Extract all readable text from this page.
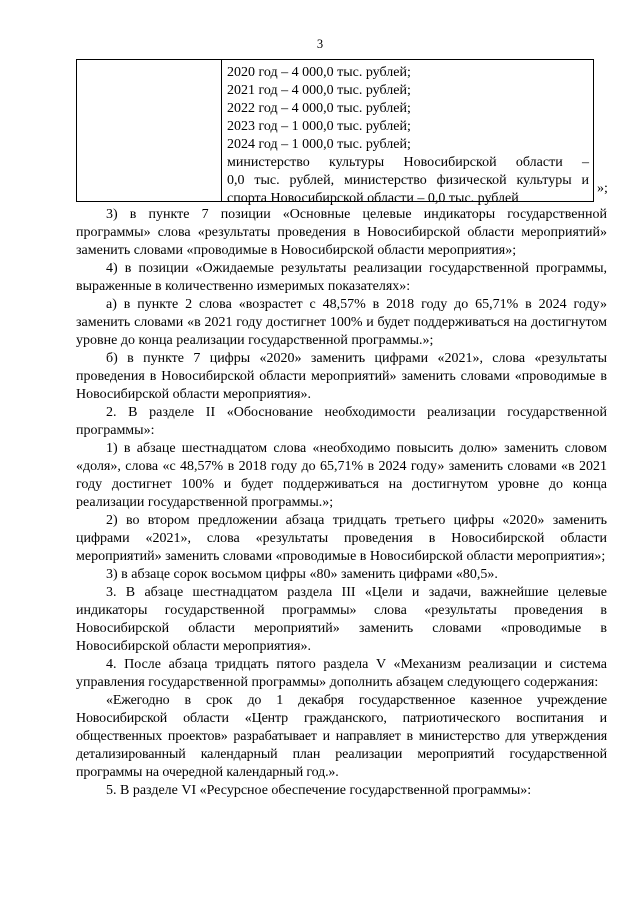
3
2020 год – 4 000,0 тыс. рублей;
2021 год – 4 000,0 тыс. рублей;
2022 год – 4 000,0 тыс. рублей;
2023 год – 1 000,0 тыс. рублей;
2024 год – 1 000,0 тыс. рублей;
министерство культуры Новосибирской области –
0,0 тыс. рублей, министерство физической культуры и
спорта Новосибирской области – 0,0 тыс. рублей
»;

3) в пункте 7 позиции «Основные целевые индикаторы государственной программы» слова «результаты проведения в Новосибирской области мероприятий» заменить словами «проводимые в Новосибирской области мероприятия»;

4) в позиции «Ожидаемые результаты реализации государственной программы, выраженные в количественно измеримых показателях»:

а) в пункте 2 слова «возрастет с 48,57% в 2018 году до 65,71% в 2024 году» заменить словами «в 2021 году достигнет 100% и будет поддерживаться на достигнутом уровне до конца реализации государственной программы.»;

б) в пункте 7 цифры «2020» заменить цифрами «2021», слова «результаты проведения в Новосибирской области мероприятий» заменить словами «проводимые в Новосибирской области мероприятия».

2. В разделе II «Обоснование необходимости реализации государственной программы»:

1) в абзаце шестнадцатом слова «необходимо повысить долю» заменить словом «доля», слова «с 48,57% в 2018 году до 65,71% в 2024 году» заменить словами «в 2021 году достигнет 100% и будет поддерживаться на достигнутом уровне до конца реализации государственной программы.»;

2) во втором предложении абзаца тридцать третьего цифры «2020» заменить цифрами «2021», слова «результаты проведения в Новосибирской области мероприятий» заменить словами «проводимые в Новосибирской области мероприятия»;

3) в абзаце сорок восьмом цифры «80» заменить цифрами «80,5».

3. В абзаце шестнадцатом раздела III «Цели и задачи, важнейшие целевые индикаторы государственной программы» слова «результаты проведения в Новосибирской области мероприятий» заменить словами «проводимые в Новосибирской области мероприятия».

4. После абзаца тридцать пятого раздела V «Механизм реализации и система управления государственной программы» дополнить абзацем следующего содержания:

«Ежегодно в срок до 1 декабря государственное казенное учреждение Новосибирской области «Центр гражданского, патриотического воспитания и общественных проектов» разрабатывает и направляет в министерство для утверждения детализированный календарный план реализации мероприятий государственной программы на очередной календарный год.».

5. В разделе VI «Ресурсное обеспечение государственной программы»:
